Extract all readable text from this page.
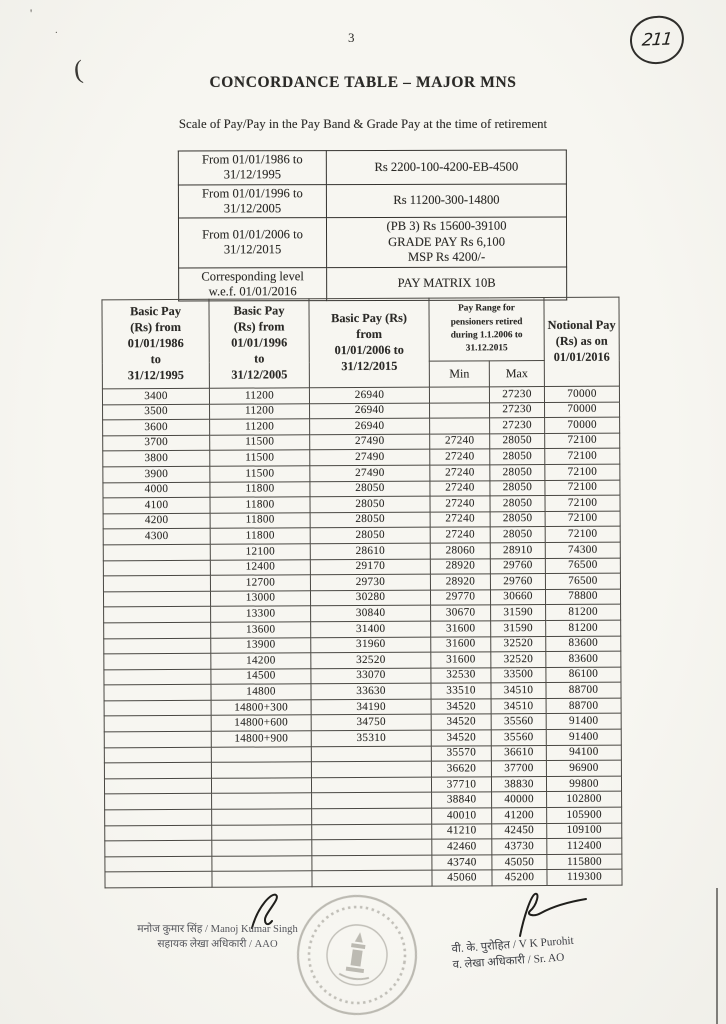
3	211
(
'
.
CONCORDANCE TABLE – MAJOR MNS
Scale of Pay/Pay in the Pay Band & Grade Pay at the time of retirement
From 01/01/1986 to
31/12/1995	Rs 2200-100-4200-EB-4500
From 01/01/1996 to
31/12/2005	Rs 11200-300-14800
From 01/01/2006 to
31/12/2015	(PB 3) Rs 15600-39100
GRADE PAY Rs 6,100
MSP Rs 4200/-
Corresponding level
w.e.f. 01/01/2016	PAY MATRIX 10B
Basic Pay
(Rs) from
01/01/1986
to
31/12/1995	Basic Pay
(Rs) from
01/01/1996
to
31/12/2005	Basic Pay (Rs)
from
01/01/2006 to
31/12/2015	Pay Range for
pensioners retired
during 1.1.2006 to
31.12.2015		Notional Pay
(Rs) as on
01/01/2016
			Min	Max	
3400	11200	26940		27230	70000
3500	11200	26940		27230	70000
3600	11200	26940		27230	70000
3700	11500	27490	27240	28050	72100
3800	11500	27490	27240	28050	72100
3900	11500	27490	27240	28050	72100
4000	11800	28050	27240	28050	72100
4100	11800	28050	27240	28050	72100
4200	11800	28050	27240	28050	72100
4300	11800	28050	27240	28050	72100
	12100	28610	28060	28910	74300
	12400	29170	28920	29760	76500
	12700	29730	28920	29760	76500
	13000	30280	29770	30660	78800
	13300	30840	30670	31590	81200
	13600	31400	31600	31590	81200
	13900	31960	31600	32520	83600
	14200	32520	31600	32520	83600
	14500	33070	32530	33500	86100
	14800	33630	33510	34510	88700
	14800+300	34190	34520	34510	88700
	14800+600	34750	34520	35560	91400
	14800+900	35310	34520	35560	91400
			35570	36610	94100
			36620	37700	96900
			37710	38830	99800
			38840	40000	102800
			40010	41200	105900
			41210	42450	109100
			42460	43730	112400
			43740	45050	115800
			45060	45200	119300
मनोज कुमार सिंह / Manoj Kumar Singh
सहायक लेखा अधिकारी / AAO	वी. के. पुरोहित / V K Purohit
व. लेखा अधिकारी / Sr. AO
